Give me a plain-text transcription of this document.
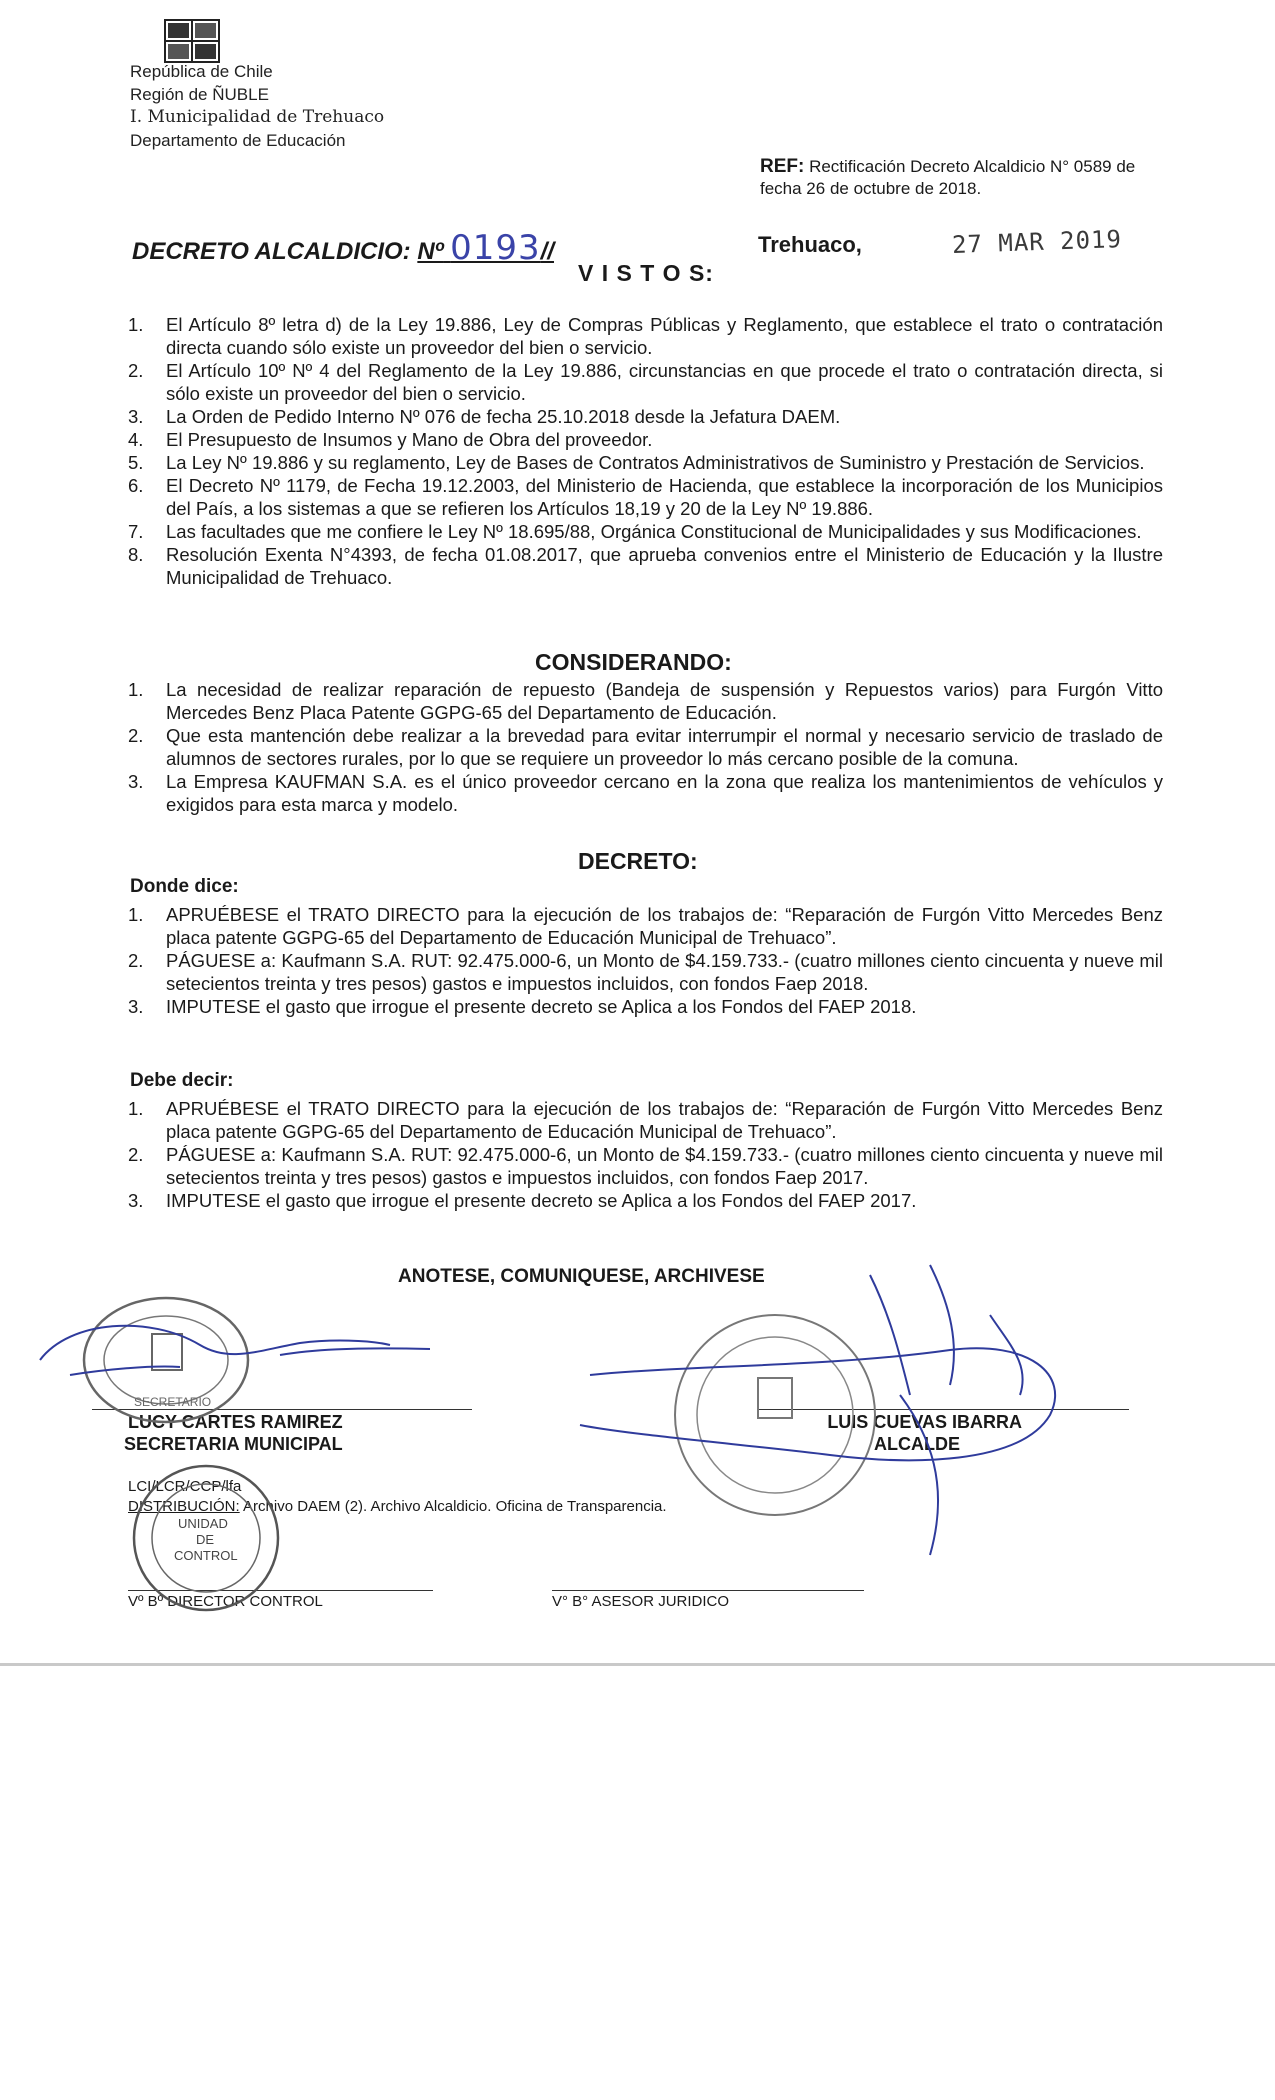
República de Chile
Región de ÑUBLE
I. Municipalidad de Trehuaco
Departamento de Educación
REF: Rectificación Decreto Alcaldicio N° 0589 de fecha 26 de octubre de 2018.
DECRETO ALCALDICIO: Nº 0193//	Trehuaco,	27 MAR 2019
V I S T O S:
1. El Artículo 8º letra d) de la Ley 19.886, Ley de Compras Públicas y Reglamento, que establece el trato o contratación directa cuando sólo existe un proveedor del bien o servicio.
2. El Artículo 10º Nº 4 del Reglamento de la Ley 19.886, circunstancias en que procede el trato o contratación directa, si sólo existe un proveedor del bien o servicio.
3. La Orden de Pedido Interno Nº 076 de fecha 25.10.2018 desde la Jefatura DAEM.
4. El Presupuesto de Insumos y Mano de Obra del proveedor.
5. La Ley Nº 19.886 y su reglamento, Ley de Bases de Contratos Administrativos de Suministro y Prestación de Servicios.
6. El Decreto Nº 1179, de Fecha 19.12.2003, del Ministerio de Hacienda, que establece la incorporación de los Municipios del País, a los sistemas a que se refieren los Artículos 18,19 y 20 de la Ley Nº 19.886.
7. Las facultades que me confiere le Ley Nº 18.695/88, Orgánica Constitucional de Municipalidades y sus Modificaciones.
8. Resolución Exenta N°4393, de fecha 01.08.2017, que aprueba convenios entre el Ministerio de Educación y la Ilustre Municipalidad de Trehuaco.
CONSIDERANDO:
1. La necesidad de realizar reparación de repuesto (Bandeja de suspensión y Repuestos varios) para Furgón Vitto Mercedes Benz Placa Patente GGPG-65 del Departamento de Educación.
2. Que esta mantención debe realizar a la brevedad para evitar interrumpir el normal y necesario servicio de traslado de alumnos de sectores rurales, por lo que se requiere un proveedor lo más cercano posible de la comuna.
3. La Empresa KAUFMAN S.A. es el único proveedor cercano en la zona que realiza los mantenimientos de vehículos y exigidos para esta marca y modelo.
DECRETO:
Donde dice:
1. APRUÉBESE el TRATO DIRECTO para la ejecución de los trabajos de: “Reparación de Furgón Vitto Mercedes Benz placa patente GGPG-65 del Departamento de Educación Municipal de Trehuaco”.
2. PÁGUESE a: Kaufmann S.A. RUT: 92.475.000-6, un Monto de $4.159.733.- (cuatro millones ciento cincuenta y nueve mil setecientos treinta y tres pesos) gastos e impuestos incluidos, con fondos Faep 2018.
3. IMPUTESE el gasto que irrogue el presente decreto se Aplica a los Fondos del FAEP 2018.
Debe decir:
1. APRUÉBESE el TRATO DIRECTO para la ejecución de los trabajos de: “Reparación de Furgón Vitto Mercedes Benz placa patente GGPG-65 del Departamento de Educación Municipal de Trehuaco”.
2. PÁGUESE a: Kaufmann S.A. RUT: 92.475.000-6, un Monto de $4.159.733.- (cuatro millones ciento cincuenta y nueve mil setecientos treinta y tres pesos) gastos e impuestos incluidos, con fondos Faep 2017.
3. IMPUTESE el gasto que irrogue el presente decreto se Aplica a los Fondos del FAEP 2017.
ANOTESE, COMUNIQUESE, ARCHIVESE
LUCY CARTES RAMIREZ
SECRETARIA MUNICIPAL
LUIS CUEVAS IBARRA
ALCALDE
LCI/LCR/CCP/lfa
DISTRIBUCIÓN: Archivo DAEM (2). Archivo Alcaldicio. Oficina de Transparencia.
Vº Bº DIRECTOR CONTROL	V° B° ASESOR JURIDICO
SECRETARIO
UNIDAD
DE
CONTROL
